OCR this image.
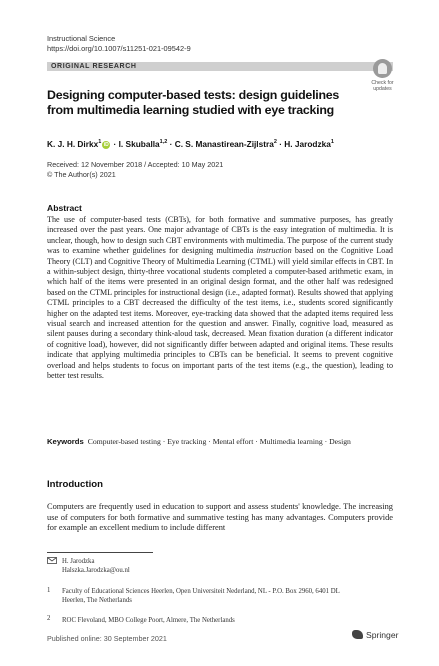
Instructional Science
https://doi.org/10.1007/s11251-021-09542-9
ORIGINAL RESEARCH
Check for
updates
Designing computer-based tests: design guidelines from multimedia learning studied with eye tracking
K. J. H. Dirkx$^1$ iD · I. Skuballa$^{1,2}$ · C. S. Manastirean-Zijlstra$^2$ · H. Jarodzka$^1$
Received: 12 November 2018 / Accepted: 10 May 2021
© The Author(s) 2021
Abstract
The use of computer-based tests (CBTs), for both formative and summative purposes, has greatly increased over the past years. One major advantage of CBTs is the easy integration of multimedia. It is unclear, though, how to design such CBT environments with multimedia. The purpose of the current study was to examine whether guidelines for designing multimedia instruction based on the Cognitive Load Theory (CLT) and Cognitive Theory of Multimedia Learning (CTML) will yield similar effects in CBT. In a within-subject design, thirty-three vocational students completed a computer-based arithmetic exam, in which half of the items were presented in an original design format, and the other half was redesigned based on the CTML principles for instructional design (i.e., adapted format). Results showed that applying CTML principles to a CBT decreased the difficulty of the test items, i.e., students scored significantly higher on the adapted test items. Moreover, eye-tracking data showed that the adapted items required less visual search and increased attention for the question and answer. Finally, cognitive load, measured as silent pauses during a secondary think-aloud task, decreased. Mean fixation duration (a different indicator of cognitive load), however, did not significantly differ between adapted and original items. These results indicate that applying multimedia principles to CBTs can be beneficial. It seems to prevent cognitive overload and helps students to focus on important parts of the test items (e.g., the question), leading to better test results.
Keywords Computer-based testing · Eye tracking · Mental effort · Multimedia learning · Design
Introduction
Computers are frequently used in education to support and assess students' knowledge. The increasing use of computers for both formative and summative testing has many advantages. Computers provide for example an excellent medium to include different
H. Jarodzka
Halszka.Jarodzka@ou.nl
1 Faculty of Educational Sciences Heerlen, Open Universiteit Nederland, NL - P.O. Box 2960, 6401 DL Heerlen, The Netherlands
2 ROC Flevoland, MBO College Poort, Almere, The Netherlands
Published online: 30 September 2021	Springer
